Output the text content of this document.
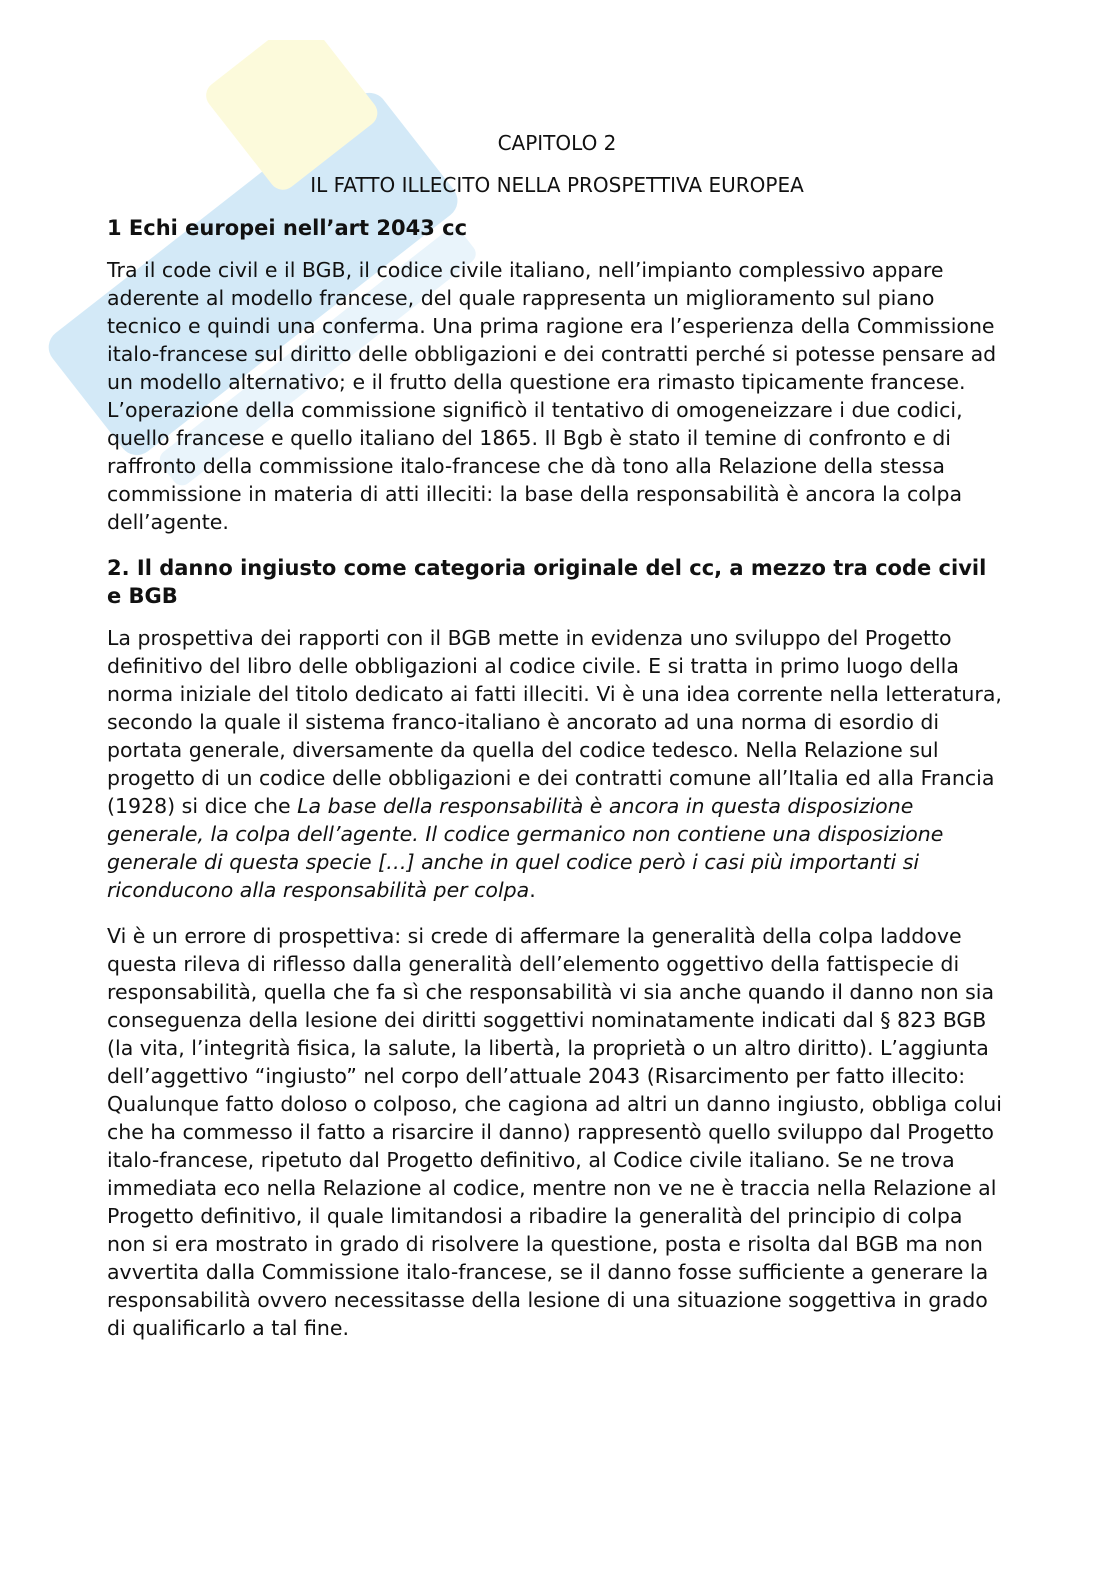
CAPITOLO 2

IL FATTO ILLECITO NELLA PROSPETTIVA EUROPEA

1 Echi europei nell’art 2043 cc

Tra il code civil e il BGB, il codice civile italiano, nell’impianto complessivo appare aderente al modello francese, del quale rappresenta un miglioramento sul piano tecnico e quindi una conferma. Una prima ragione era l’esperienza della Commissione italo-francese sul diritto delle obbligazioni e dei contratti perché si potesse pensare ad un modello alternativo; e il frutto della questione era rimasto tipicamente francese. L’operazione della commissione significò il tentativo di omogeneizzare i due codici, quello francese e quello italiano del 1865. Il Bgb è stato il temine di confronto e di raffronto della commissione italo-francese che dà tono alla Relazione della stessa commissione in materia di atti illeciti: la base della responsabilità è ancora la colpa dell’agente.

2. Il danno ingiusto come categoria originale del cc, a mezzo tra code civil e BGB

La prospettiva dei rapporti con il BGB mette in evidenza uno sviluppo del Progetto definitivo del libro delle obbligazioni al codice civile. E si tratta in primo luogo della norma iniziale del titolo dedicato ai fatti illeciti. Vi è una idea corrente nella letteratura, secondo la quale il sistema franco-italiano è ancorato ad una norma di esordio di portata generale, diversamente da quella del codice tedesco. Nella Relazione sul progetto di un codice delle obbligazioni e dei contratti comune all’Italia ed alla Francia (1928) si dice che La base della responsabilità è ancora in questa disposizione generale, la colpa dell’agente. Il codice germanico non contiene una disposizione generale di questa specie […] anche in quel codice però i casi più importanti si riconducono alla responsabilità per colpa.

Vi è un errore di prospettiva: si crede di affermare la generalità della colpa laddove questa rileva di riflesso dalla generalità dell’elemento oggettivo della fattispecie di responsabilità, quella che fa sì che responsabilità vi sia anche quando il danno non sia conseguenza della lesione dei diritti soggettivi nominatamente indicati dal § 823 BGB (la vita, l’integrità fisica, la salute, la libertà, la proprietà o un altro diritto). L’aggiunta dell’aggettivo “ingiusto” nel corpo dell’attuale 2043 (Risarcimento per fatto illecito: Qualunque fatto doloso o colposo, che cagiona ad altri un danno ingiusto, obbliga colui che ha commesso il fatto a risarcire il danno) rappresentò quello sviluppo dal Progetto italo-francese, ripetuto dal Progetto definitivo, al Codice civile italiano. Se ne trova immediata eco nella Relazione al codice, mentre non ve ne è traccia nella Relazione al Progetto definitivo, il quale limitandosi a ribadire la generalità del principio di colpa non si era mostrato in grado di risolvere la questione, posta e risolta dal BGB ma non avvertita dalla Commissione italo-francese, se il danno fosse sufficiente a generare la responsabilità ovvero necessitasse della lesione di una situazione soggettiva in grado di qualificarlo a tal fine.
